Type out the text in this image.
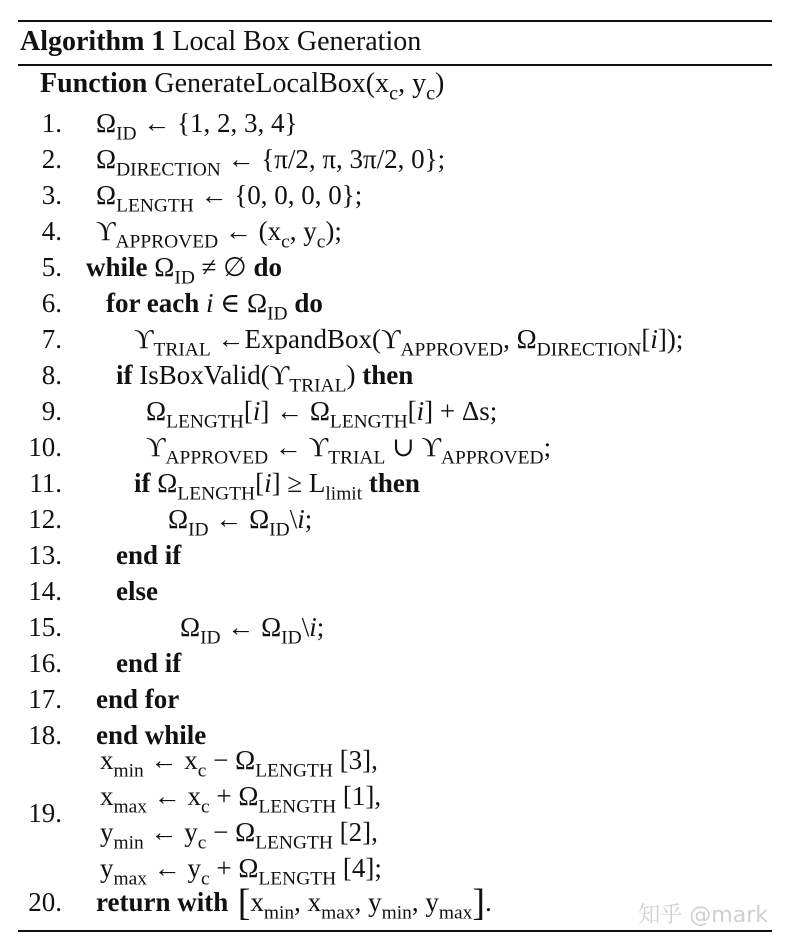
Algorithm 1 Local Box Generation
Function $GenerateLocalBox(x_c$, $y_c$)
1.
2.
3.
4.
5.
6.
7.
8.
9.
10.
11.
12.
13.
14.
15.
16.
17.
18.
19.
20.
$\Omega_{ID}$ ← {1, 2, 3, 4}
$\Omega_{DIRECTION}$ ← {π/2, π, 3π/2, 0};
$\Omega_{LENGTH}$ ← {0, 0, 0, 0};
$ϒ_{APPROVED}$ ← ($x_c$, $y_c$);
while $\Omega_{ID}$ ≠ ∅ do
for each i ∈ $\Omega_{ID}$ do
$ϒ_{TRIAL}$ $\leftarrow ExpandBox(ϒ_{APPROVED}$, $\Omega_{DIRECTION}[i]$);
if $IsBoxValid(ϒ_{TRIAL})$ then
$\Omega_{LENGTH}[i]$ ← $\Omega_{LENGTH}[i] + \Delta s$;
$ϒ_{APPROVED}$ ← $ϒ_{TRIAL}$ ∪ $ϒ_{APPROVED}$;
if $\Omega_{LENGTH}[i] \ge L_{limit}$ then
$\Omega_{ID}$ ← $\Omega_{ID}\backslash i$;
end if
else
$\Omega_{ID}$ ← $\Omega_{ID}\backslash i$;
end if
end for
end while
$x_{min}$ ← $x_c - \Omega_{LENGTH}$ [3],
$x_{max}$ ← $x_c + \Omega_{LENGTH}$ [1],
$y_{min}$ ← $y_c - \Omega_{LENGTH}$ [2],
$y_{max}$ ← $y_c + \Omega_{LENGTH}$ [4];
return with [$x_{min}$, $x_{max}$, $y_{min}$, $y_{max}$].	知乎 @mark
